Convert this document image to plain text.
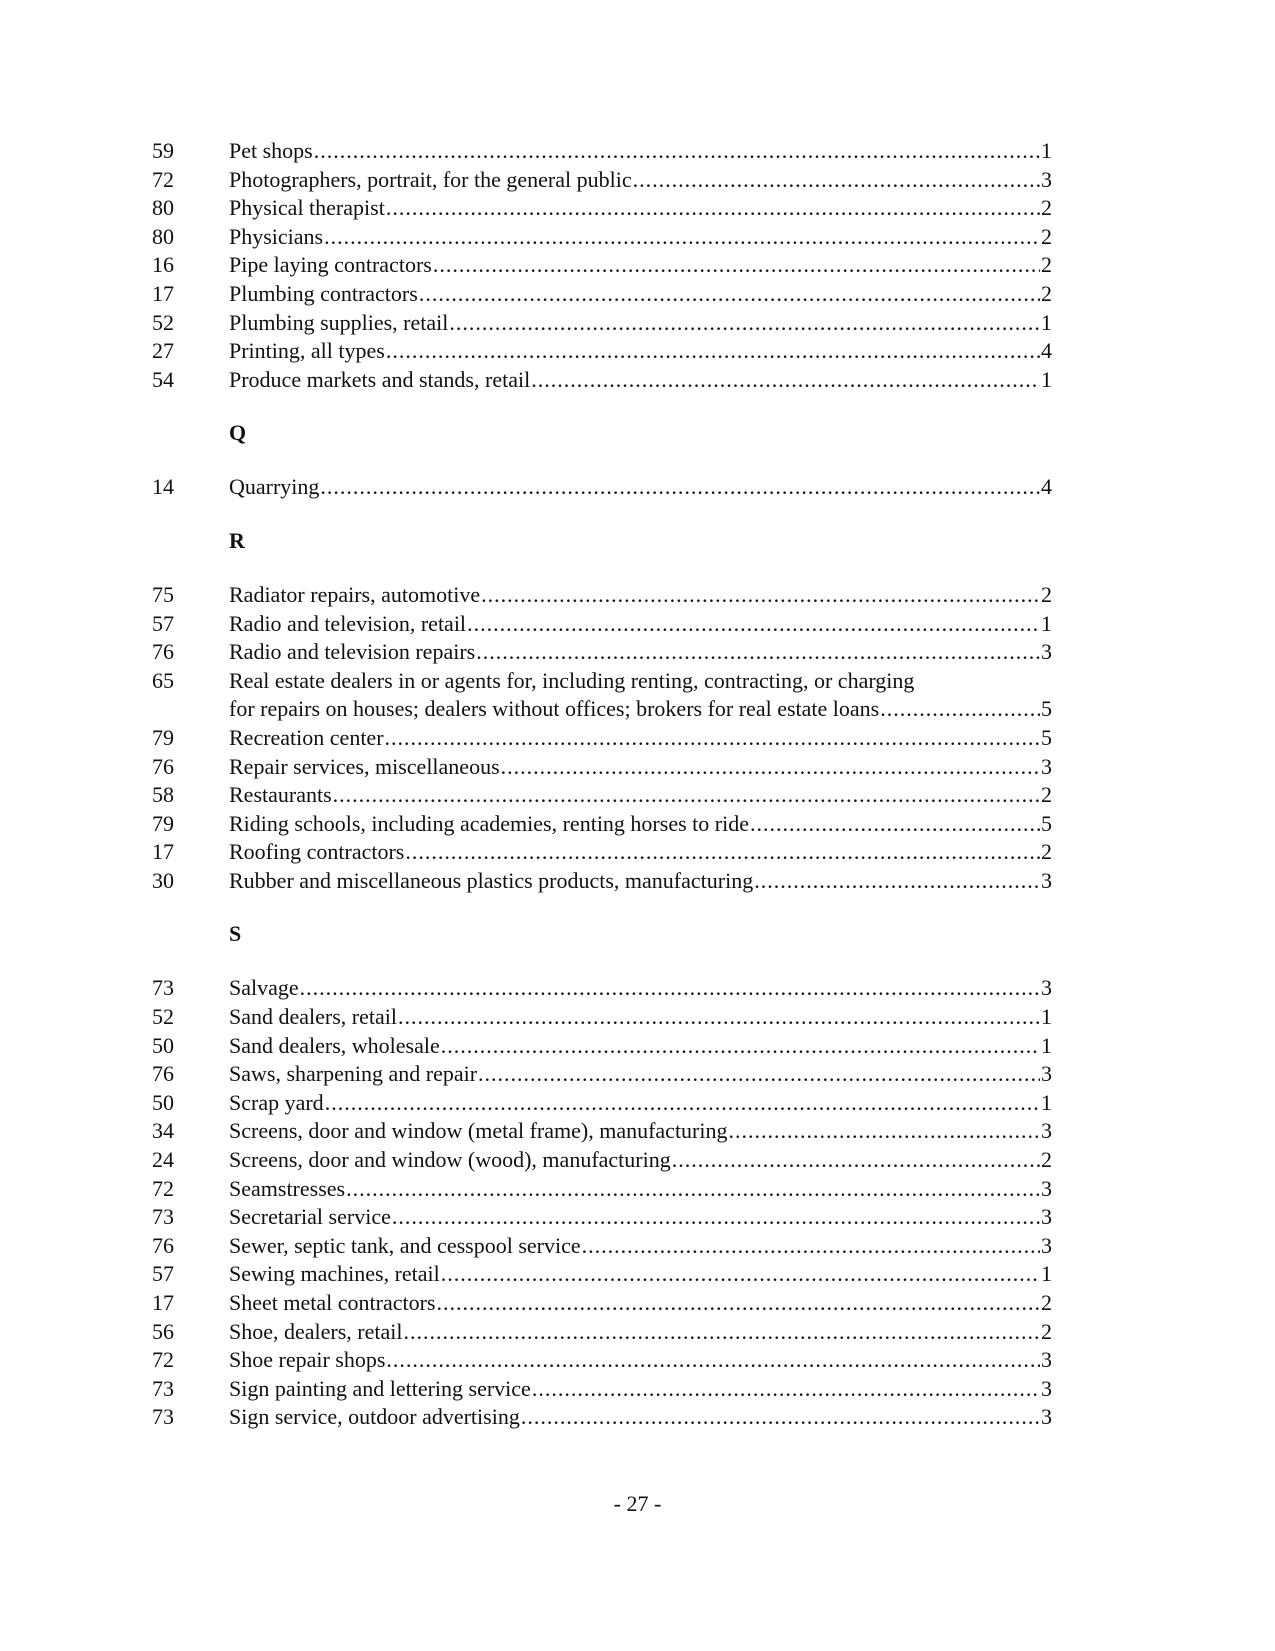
59	Pet shops .....	1
72	Photographers, portrait, for the general public .....	3
80	Physical therapist .....	2
80	Physicians .....	2
16	Pipe laying contractors .....	2
17	Plumbing contractors .....	2
52	Plumbing supplies, retail .....	1
27	Printing, all types .....	4
54	Produce markets and stands, retail .....	1
Q
14	Quarrying .....	4
R
75	Radiator repairs, automotive .....	2
57	Radio and television, retail .....	1
76	Radio and television repairs .....	3
65	Real estate dealers in or agents for, including renting, contracting, or charging
for repairs on houses; dealers without offices; brokers for real estate loans .....	5
79	Recreation center .....	5
76	Repair services, miscellaneous .....	3
58	Restaurants .....	2
79	Riding schools, including academies, renting horses to ride .....	5
17	Roofing contractors .....	2
30	Rubber and miscellaneous plastics products, manufacturing .....	3
S
73	Salvage .....	3
52	Sand dealers, retail .....	1
50	Sand dealers, wholesale .....	1
76	Saws, sharpening and repair .....	3
50	Scrap yard .....	1
34	Screens, door and window (metal frame), manufacturing .....	3
24	Screens, door and window (wood), manufacturing .....	2
72	Seamstresses .....	3
73	Secretarial service .....	3
76	Sewer, septic tank, and cesspool service .....	3
57	Sewing machines, retail .....	1
17	Sheet metal contractors .....	2
56	Shoe, dealers, retail .....	2
72	Shoe repair shops .....	3
73	Sign painting and lettering service .....	3
73	Sign service, outdoor advertising .....	3
- 27 -
